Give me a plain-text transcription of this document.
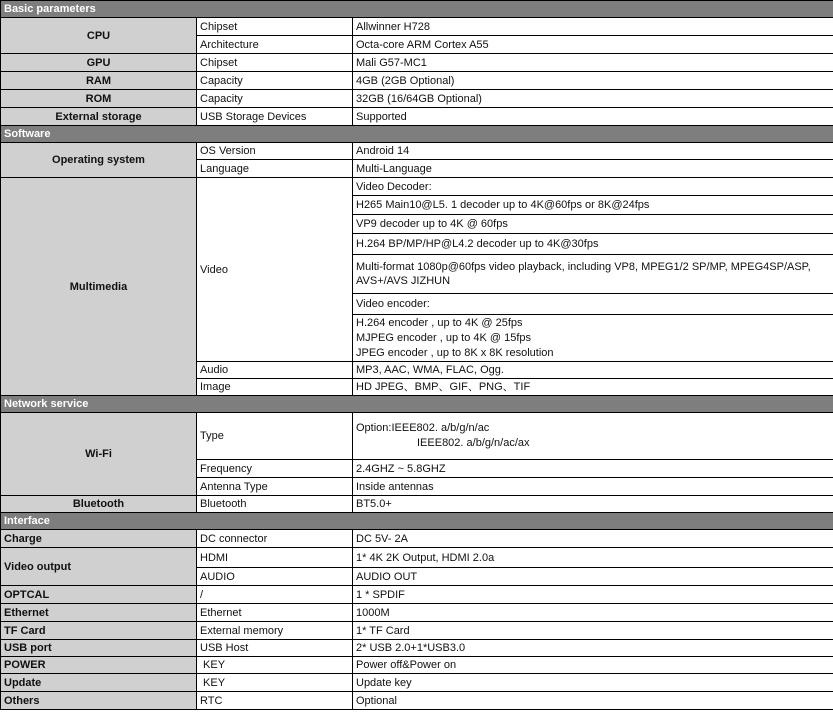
Basic parameters		
CPU	Chipset	Allwinner H728
	Architecture	Octa-core ARM Cortex A55
GPU	Chipset	Mali G57-MC1
RAM	Capacity	4GB (2GB Optional)
ROM	Capacity	32GB (16/64GB Optional)
External storage	USB Storage Devices	Supported
Software		
Operating system	OS Version	Android 14
	Language	Multi-Language
Multimedia	Video	Video Decoder:
		H265 Main10@L5. 1 decoder up to 4K@60fps or 8K@24fps
		VP9 decoder up to 4K @ 60fps
		H.264 BP/MP/HP@L4.2 decoder up to 4K@30fps
		Multi-format 1080p@60fps video playback, including VP8, MPEG1/2 SP/MP, MPEG4SP/ASP, AVS+/AVS JIZHUN
		Video encoder:

		H.264 encoder , up to 4K @ 25fps
MJPEG encoder , up to 4K @ 15fps
JPEG encoder , up to 8K x 8K resolution

	Audio	MP3, AAC, WMA, FLAC, Ogg.
	Image	HD JPEG、BMP、GIF、PNG、TIF
Network service		
Wi-Fi	Type	Option:IEEE802. a/b/g/n/ac
IEEE802. a/b/g/n/ac/ax

	Frequency	2.4GHZ ~ 5.8GHZ
	Antenna Type	Inside antennas
Bluetooth	Bluetooth	BT5.0+
Interface		
Charge	DC connector	DC 5V- 2A
Video output	HDMI	1* 4K 2K Output, HDMI 2.0a
	AUDIO	AUDIO OUT
OPTCAL	/	1 * SPDIF
Ethernet	Ethernet	1000M
TF Card	External memory	1* TF Card
USB port	USB Host	2* USB 2.0+1*USB3.0
POWER	KEY	Power off&Power on
Update	KEY	Update key
Others	RTC	Optional
